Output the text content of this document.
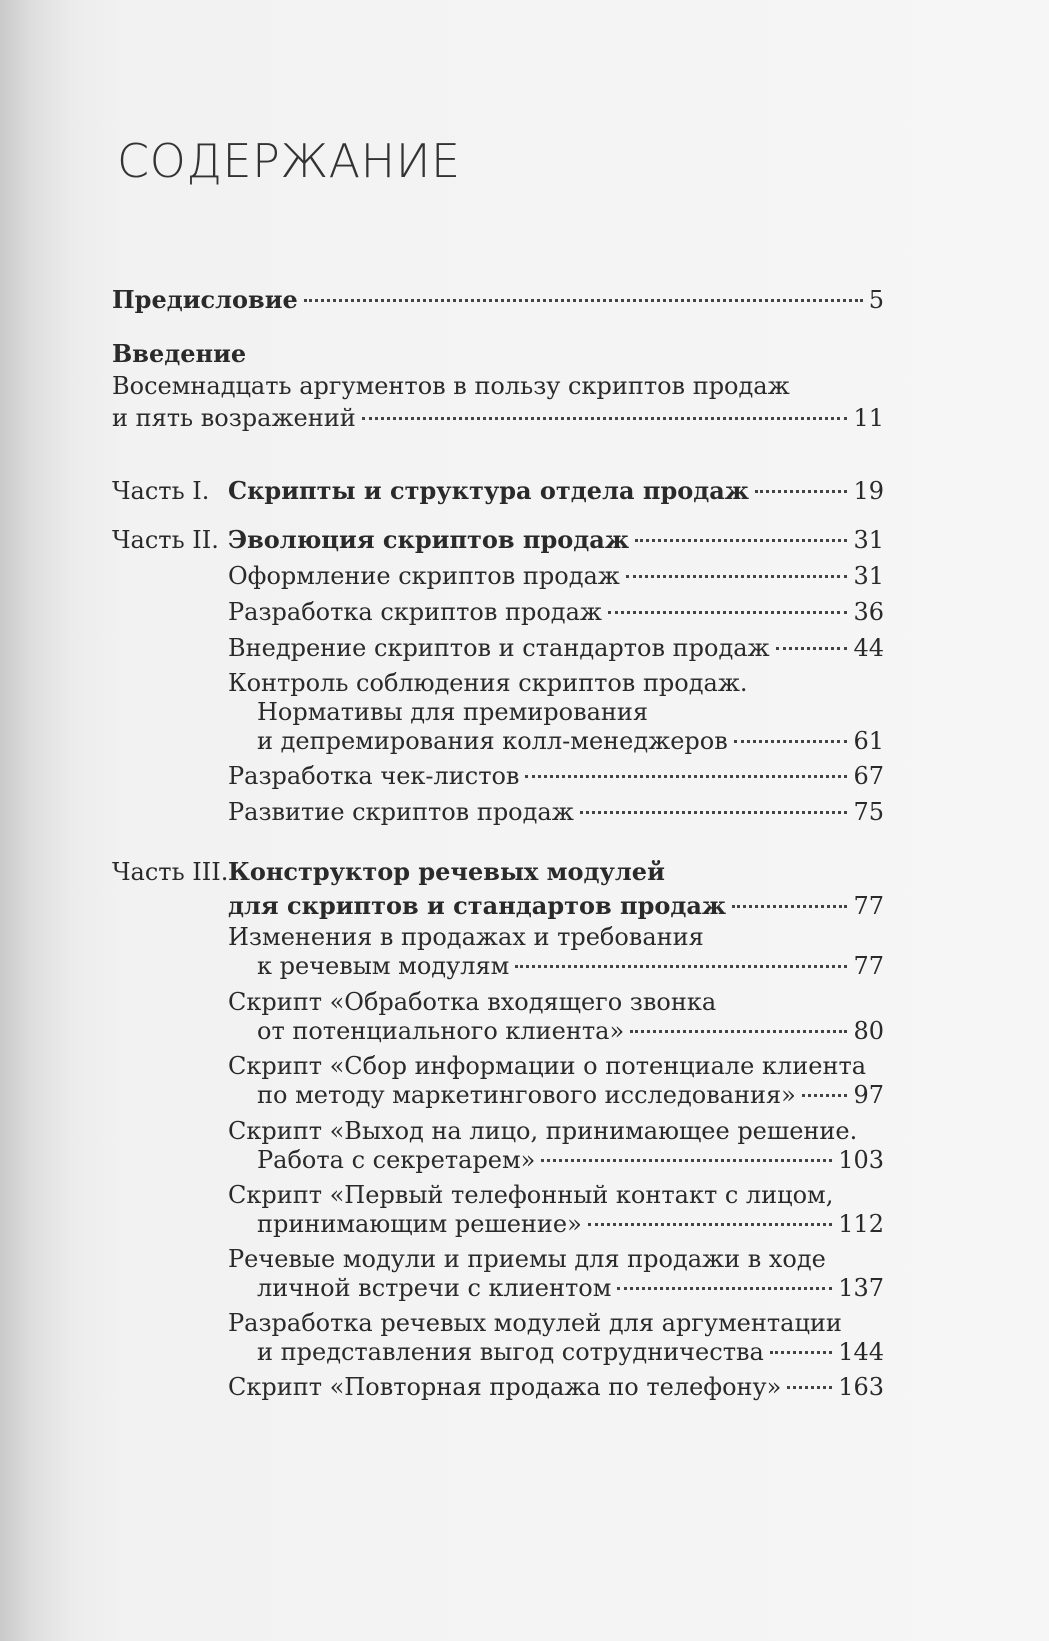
СОДЕРЖАНИЕ
Предисловие	5
Введение
Восемнадцать аргументов в пользу скриптов продаж
и пять возражений	11
Часть I. Скрипты и структура отдела продаж	19
Часть II. Эволюция скриптов продаж	31
Оформление скриптов продаж	31
Разработка скриптов продаж	36
Внедрение скриптов и стандартов продаж	44
Контроль соблюдения скриптов продаж.
Нормативы для премирования
и депремирования колл-менеджеров	61
Разработка чек-листов	67
Развитие скриптов продаж	75
Часть III.Конструктор речевых модулей
для скриптов и стандартов продаж	77
Изменения в продажах и требования
к речевым модулям	77
Скрипт «Обработка входящего звонка
от потенциального клиента»	80
Скрипт «Сбор информации о потенциале клиента
по методу маркетингового исследования» 97
Скрипт «Выход на лицо, принимающее решение.
Работа с секретарем»	103
Скрипт «Первый телефонный контакт с лицом,
принимающим решение»	112
Речевые модули и приемы для продажи в ходе
личной встречи с клиентом	137
Разработка речевых модулей для аргументации
и представления выгод сотрудничества	144
Скрипт «Повторная продажа по телефону» 163
